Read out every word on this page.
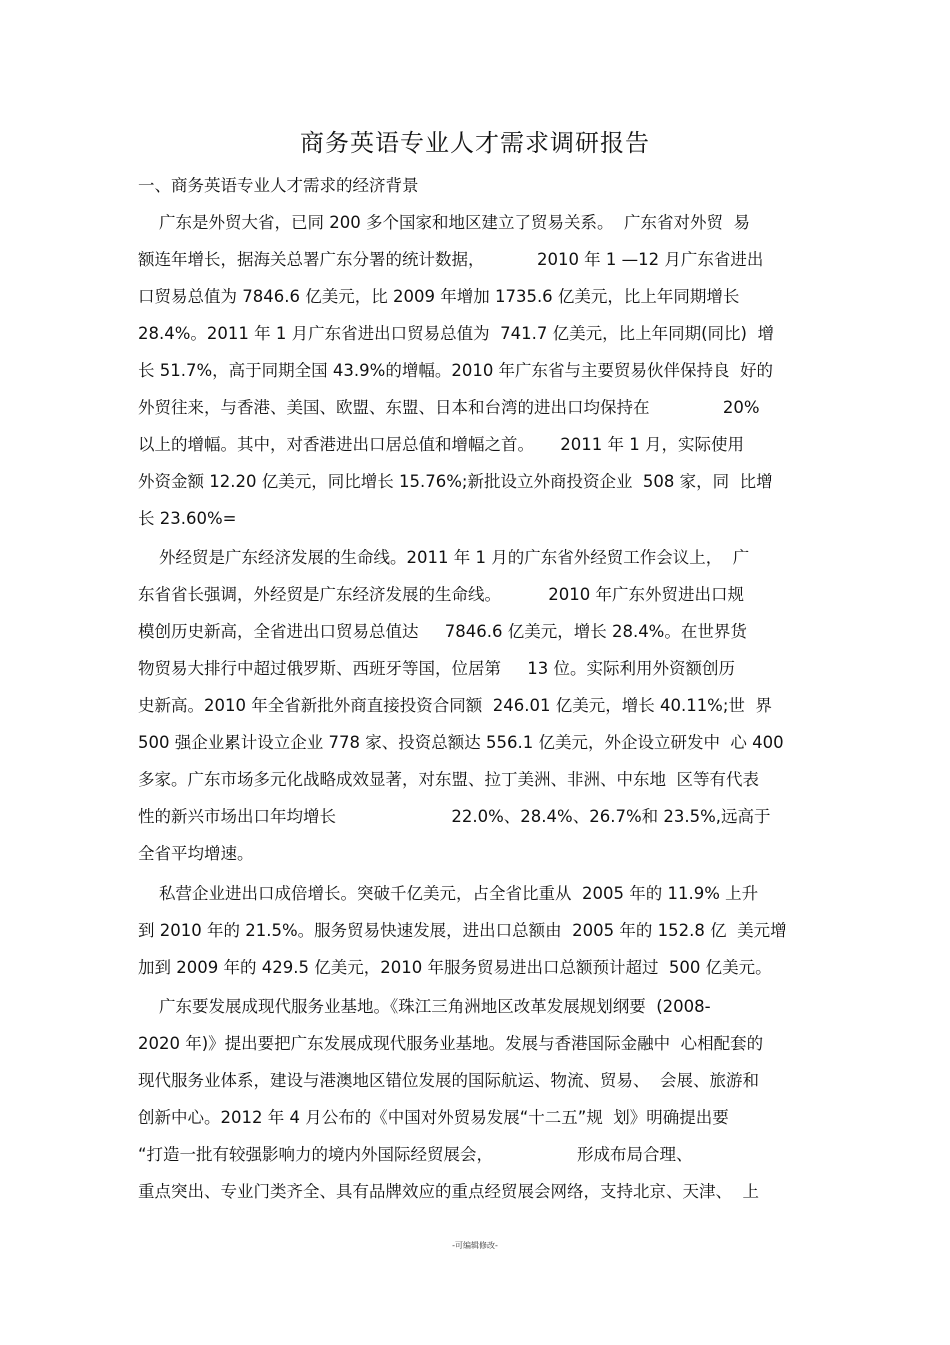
商务英语专业人才需求调研报告
一、商务英语专业人才需求的经济背景
广东是外贸大省，已同 200 多个国家和地区建立了贸易关系。  广东省对外贸  易
额连年增长，据海关总署广东分署的统计数据，          2010 年 1 —12 月广东省进出
口贸易总值为 7846.6 亿美元，比 2009 年增加 1735.6 亿美元，比上年同期增长
28.4%。2011 年 1 月广东省进出口贸易总值为  741.7 亿美元，比上年同期(同比)  增
长 51.7%，高于同期全国 43.9%的增幅。2010 年广东省与主要贸易伙伴保持良  好的
外贸往来，与香港、美国、欧盟、东盟、日本和台湾的进出口均保持在              20%
以上的增幅。其中，对香港进出口居总值和增幅之首。     2011 年 1 月，实际使用
外资金额 12.20 亿美元，同比增长 15.76%;新批设立外商投资企业  508 家，同  比增
长 23.60%=
外经贸是广东经济发展的生命线。2011 年 1 月的广东省外经贸工作会议上，  广
东省省长强调，外经贸是广东经济发展的生命线。         2010 年广东外贸进出口规
模创历史新高，全省进出口贸易总值达     7846.6 亿美元，增长 28.4%。在世界货
物贸易大排行中超过俄罗斯、西班牙等国，位居第     13 位。实际利用外资额创历
史新高。2010 年全省新批外商直接投资合同额  246.01 亿美元，增长 40.11%;世  界
500 强企业累计设立企业 778 家、投资总额达 556.1 亿美元，外企设立研发中  心 400
多家。广东市场多元化战略成效显著，对东盟、拉丁美洲、非洲、中东地  区等有代表
性的新兴市场出口年均增长                      22.0%、28.4%、26.7%和 23.5%,远高于
全省平均增速。
私营企业进出口成倍增长。突破千亿美元，占全省比重从  2005 年的 11.9% 上升
到 2010 年的 21.5%。服务贸易快速发展，进出口总额由  2005 年的 152.8 亿  美元增
加到 2009 年的 429.5 亿美元，2010 年服务贸易进出口总额预计超过  500 亿美元。
广东要发展成现代服务业基地。《珠江三角洲地区改革发展规划纲要  (2008-
2020 年)》提出要把广东发展成现代服务业基地。发展与香港国际金融中  心相配套的
现代服务业体系，建设与港澳地区错位发展的国际航运、物流、贸易、  会展、旅游和
创新中心。2012 年 4 月公布的《中国对外贸易发展“十二五”规  划》明确提出要
“打造一批有较强影响力的境内外国际经贸展会，                形成布局合理、
重点突出、专业门类齐全、具有品牌效应的重点经贸展会网络，支持北京、天津、  上
-可编辑修改-
